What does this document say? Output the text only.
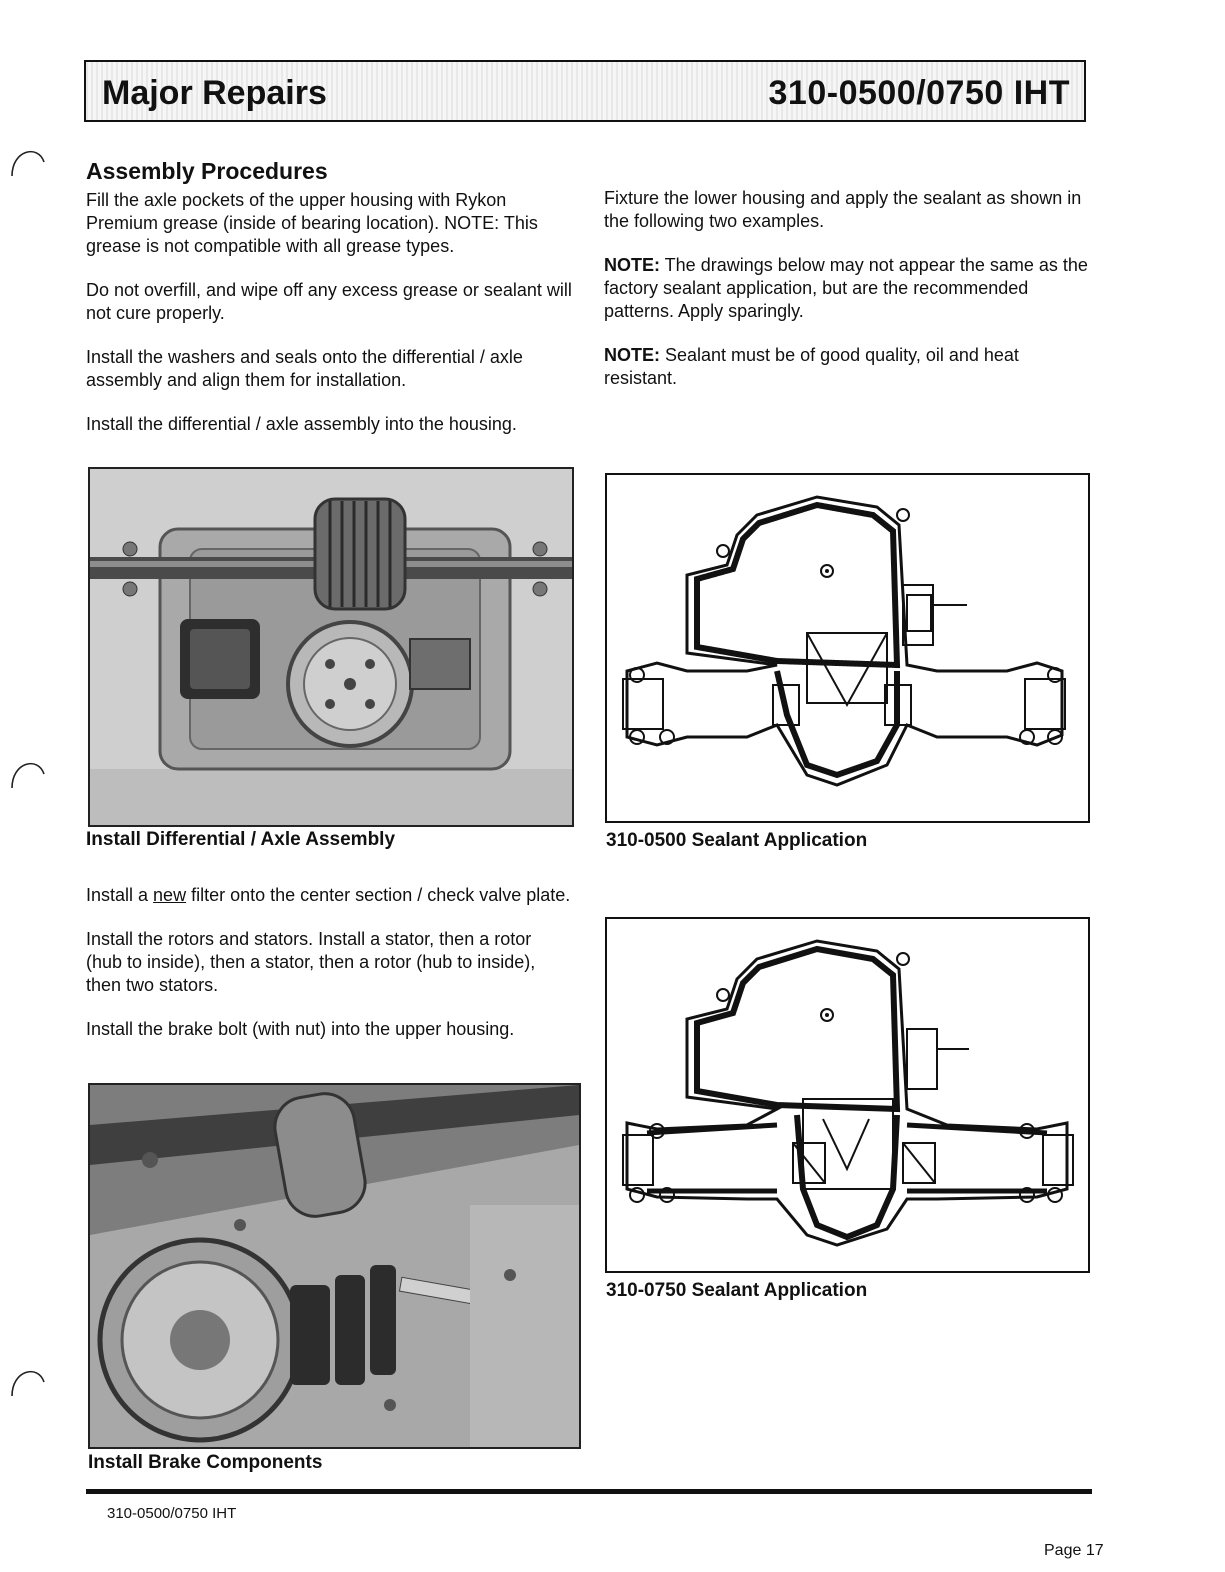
Major Repairs	310-0500/0750 IHT
Assembly Procedures

Fill the axle pockets of the upper housing with Rykon Premium grease (inside of bearing location). NOTE: This grease is not compatible with all grease types.

Do not overfill, and wipe off any excess grease or sealant will not cure properly.

Install the washers and seals onto the differential / axle assembly and align them for installation.

Install the differential / axle assembly into the housing.

Install Differential / Axle Assembly

Install a new filter onto the center section / check valve plate.

Install the rotors and stators. Install a stator, then a rotor (hub to inside), then a stator, then a rotor (hub to inside), then two stators.

Install the brake bolt (with nut) into the upper housing.

Install Brake Components

Fixture the lower housing and apply the sealant as shown in the following two examples.

NOTE: The drawings below may not appear the same as the factory sealant application, but are the recommended patterns. Apply sparingly.

NOTE: Sealant must be of good quality, oil and heat resistant.

310-0500 Sealant Application
310-0750 Sealant Application
310-0500/0750 IHT
Page 17
